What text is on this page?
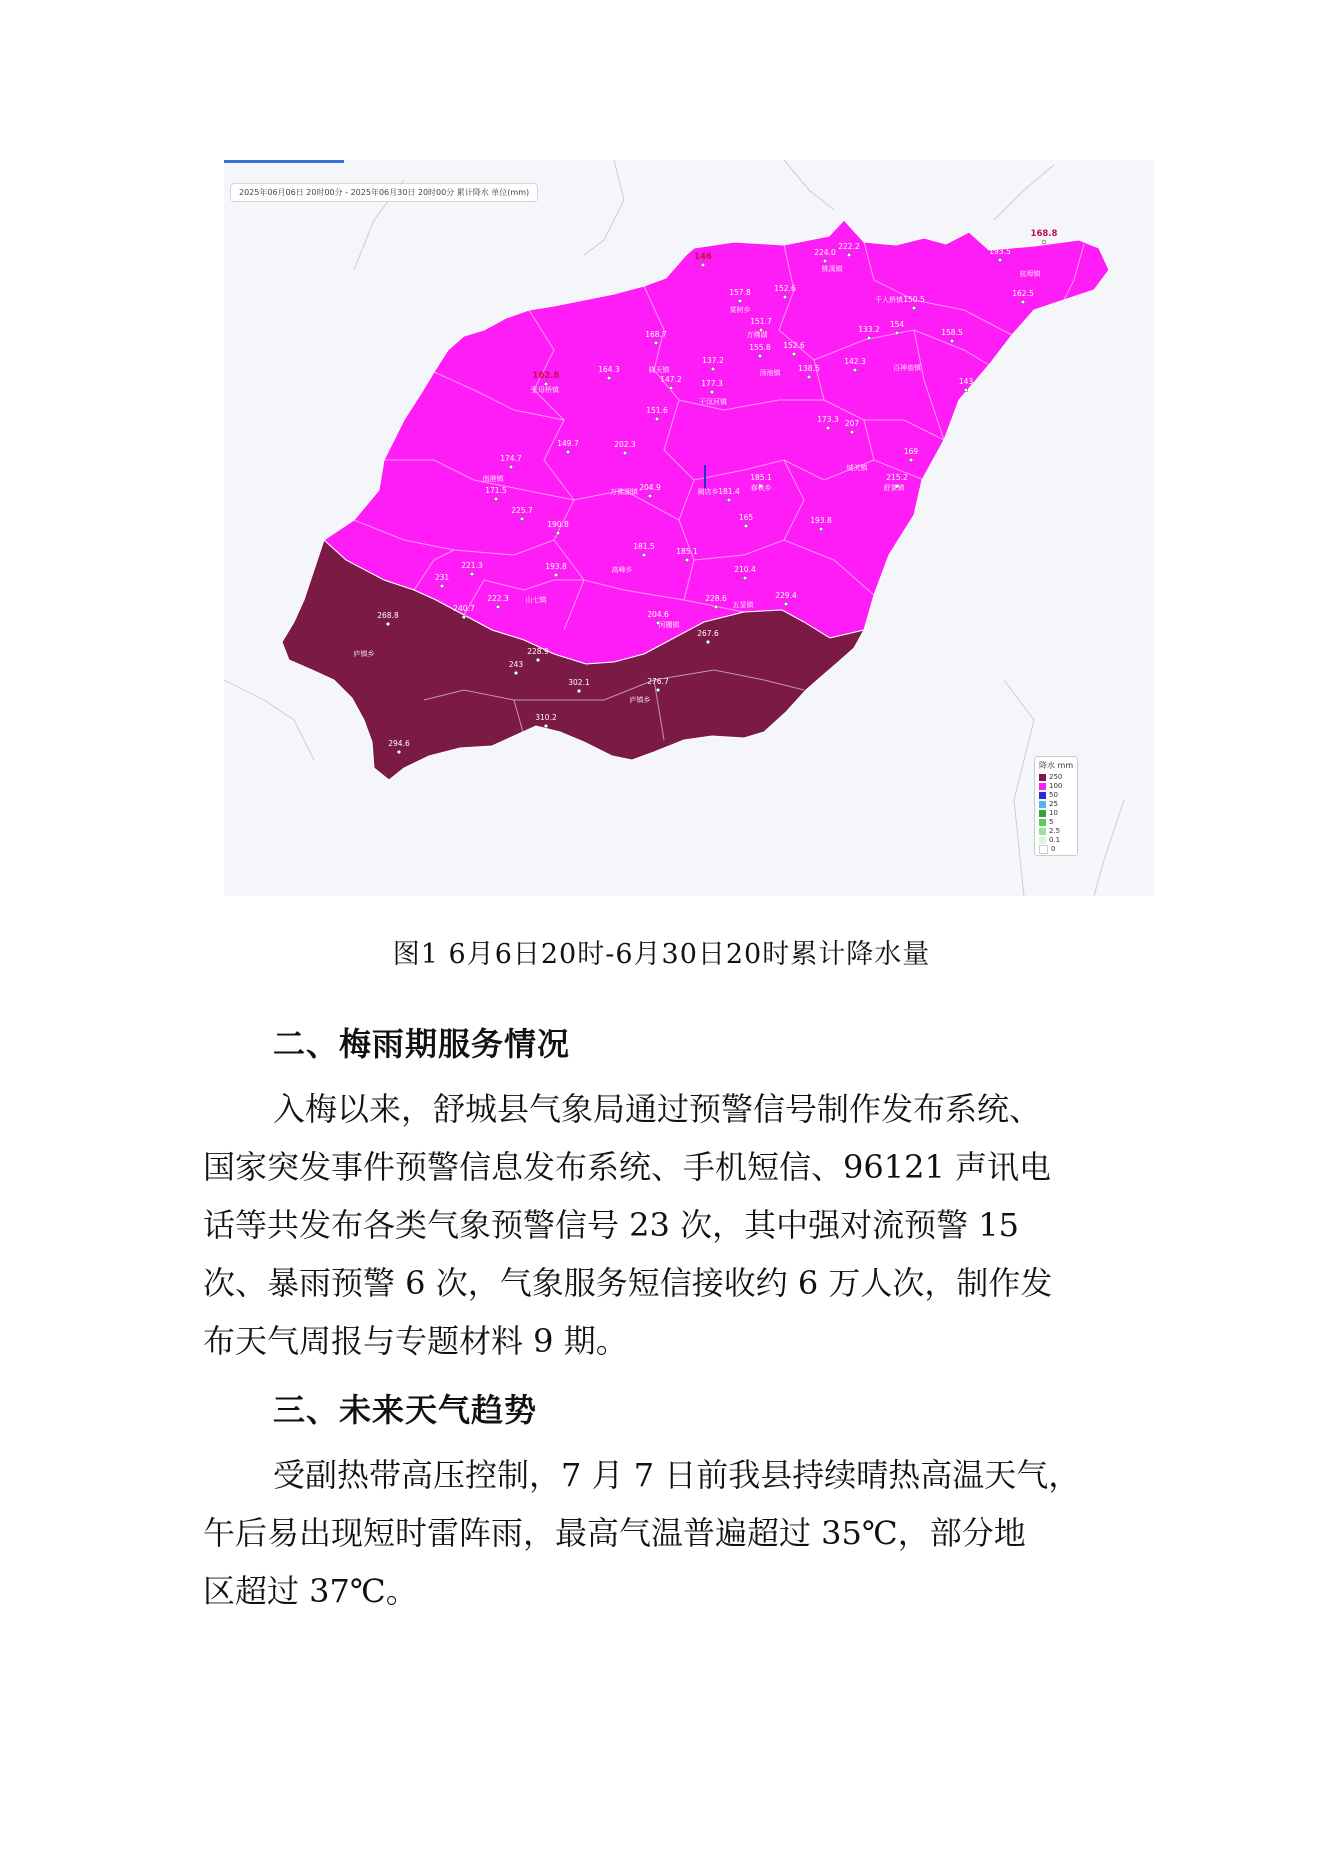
168.8
146
162.8
193.5
224.0
222.2
157.8	152.6
150.5
162.5
151.7
133.2
154
158.5
168.7
155.8 152.6
164.3
137.2
138.5
142.3
147.2	177.3	143
151.6
173.3 207
149.7	202.3
169
174.7
185.1	215.2
171.5	204.9	181.4
225.7
165	193.8
190.8
181.5
185.1
221.3	193.8	210.4
231
222.3
240.7
228.6	229.4
204.6
268.8
267.6
228.9
243
302.1	276.7
310.2
294.6
桃溪镇
杭埠镇
千人桥镇
棠树乡
万佛湖
百神庙镇
汤池镇
张母桥镇
晓天镇
干汊河镇
南港镇
万佛湖镇	阙店乡	春秋乡
城关镇
舒茶镇
高峰乡
山七镇
五显镇
河棚镇
庐镇乡
庐镇乡
2025年06月06日 20时00分 - 2025年06月30日 20时00分 累计降水 单位(mm)
降水 mm
250
100
50
25
10
5
2.5
0.1
0
图1 6月6日20时-6月30日20时累计降水量
二、梅雨期服务情况
入梅以来，舒城县气象局通过预警信号制作发布系统、
国家突发事件预警信息发布系统、手机短信、96121 声讯电
话等共发布各类气象预警信号 23 次，其中强对流预警 15
次、暴雨预警 6 次，气象服务短信接收约 6 万人次，制作发
布天气周报与专题材料 9 期。
三、未来天气趋势
受副热带高压控制，7 月 7 日前我县持续晴热高温天气，
午后易出现短时雷阵雨，最高气温普遍超过 35℃，部分地
区超过 37℃。
